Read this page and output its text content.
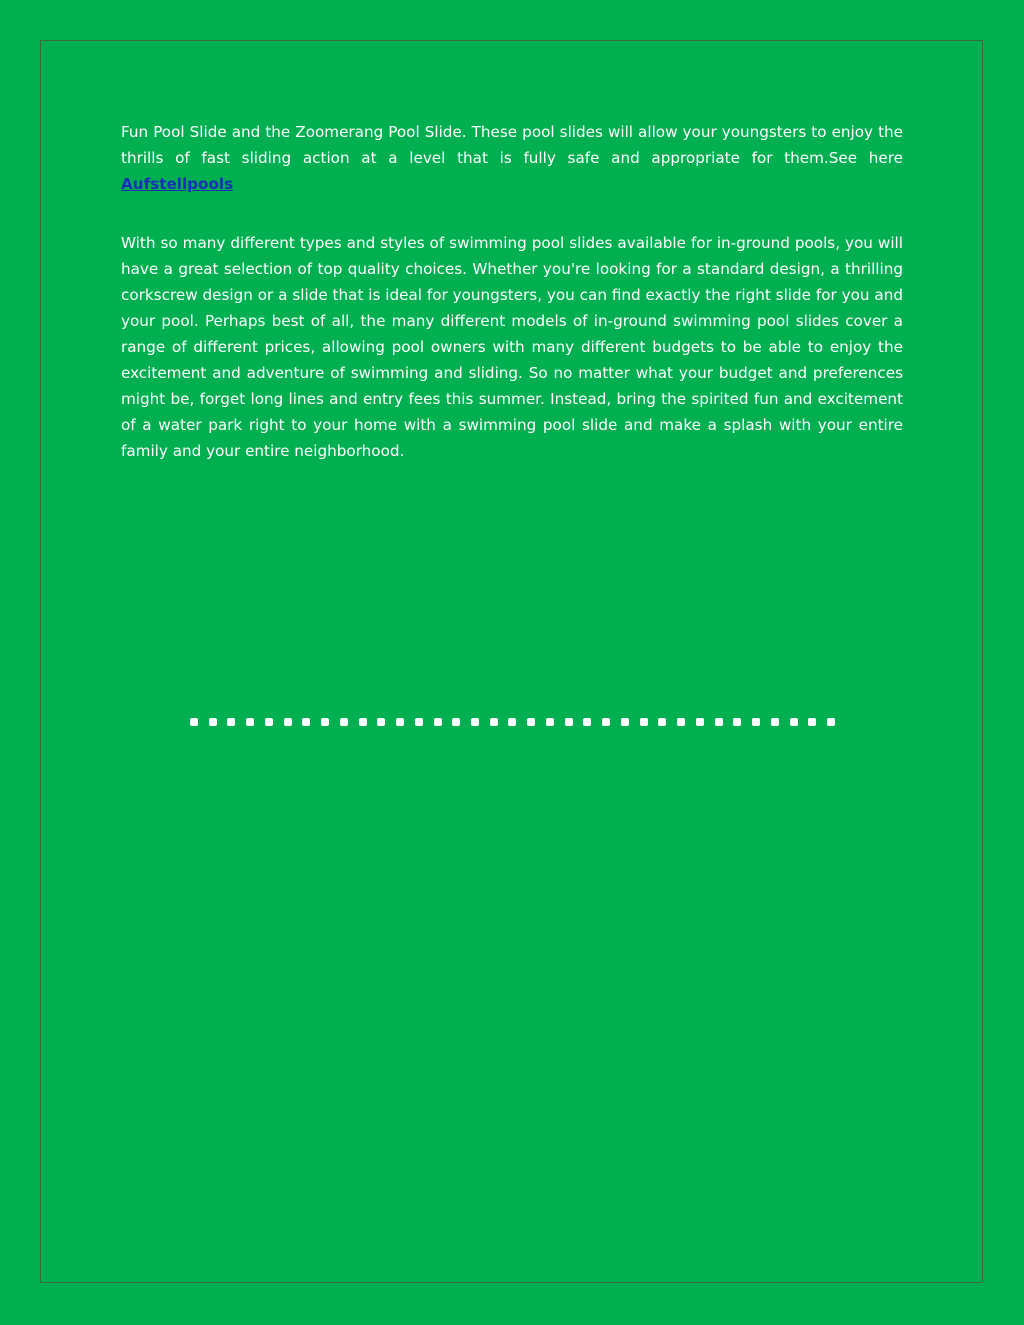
Fun Pool Slide and the Zoomerang Pool Slide. These pool slides will allow your youngsters to enjoy the thrills of fast sliding action at a level that is fully safe and appropriate for them.See here Aufstellpools

With so many different types and styles of swimming pool slides available for in-ground pools, you will have a great selection of top quality choices. Whether you're looking for a standard design, a thrilling corkscrew design or a slide that is ideal for youngsters, you can find exactly the right slide for you and your pool. Perhaps best of all, the many different models of in-ground swimming pool slides cover a range of different prices, allowing pool owners with many different budgets to be able to enjoy the excitement and adventure of swimming and sliding. So no matter what your budget and preferences might be, forget long lines and entry fees this summer. Instead, bring the spirited fun and excitement of a water park right to your home with a swimming pool slide and make a splash with your entire family and your entire neighborhood.
